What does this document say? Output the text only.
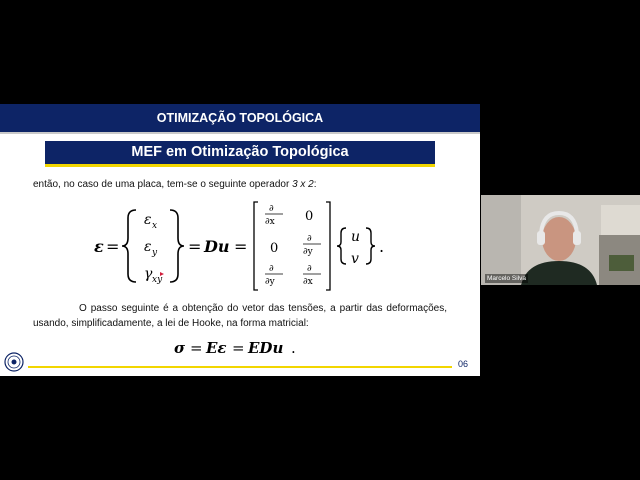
OTIMIZAÇÃO TOPOLÓGICA
MEF em Otimização Topológica
então, no caso de uma placa, tem-se o seguinte operador 3 x 2:
ε =
ε x
ε y
γ xy
= Du =
∂
∂x 0
0
∂
∂y
∂
∂y
∂
∂x
u
v
.
O passo seguinte é a obtenção do vetor das tensões, a partir das deformações, usando, simplificadamente, a lei de Hooke, na forma matricial:
σ = Eε = EDu .
06
Marcelo Silva
